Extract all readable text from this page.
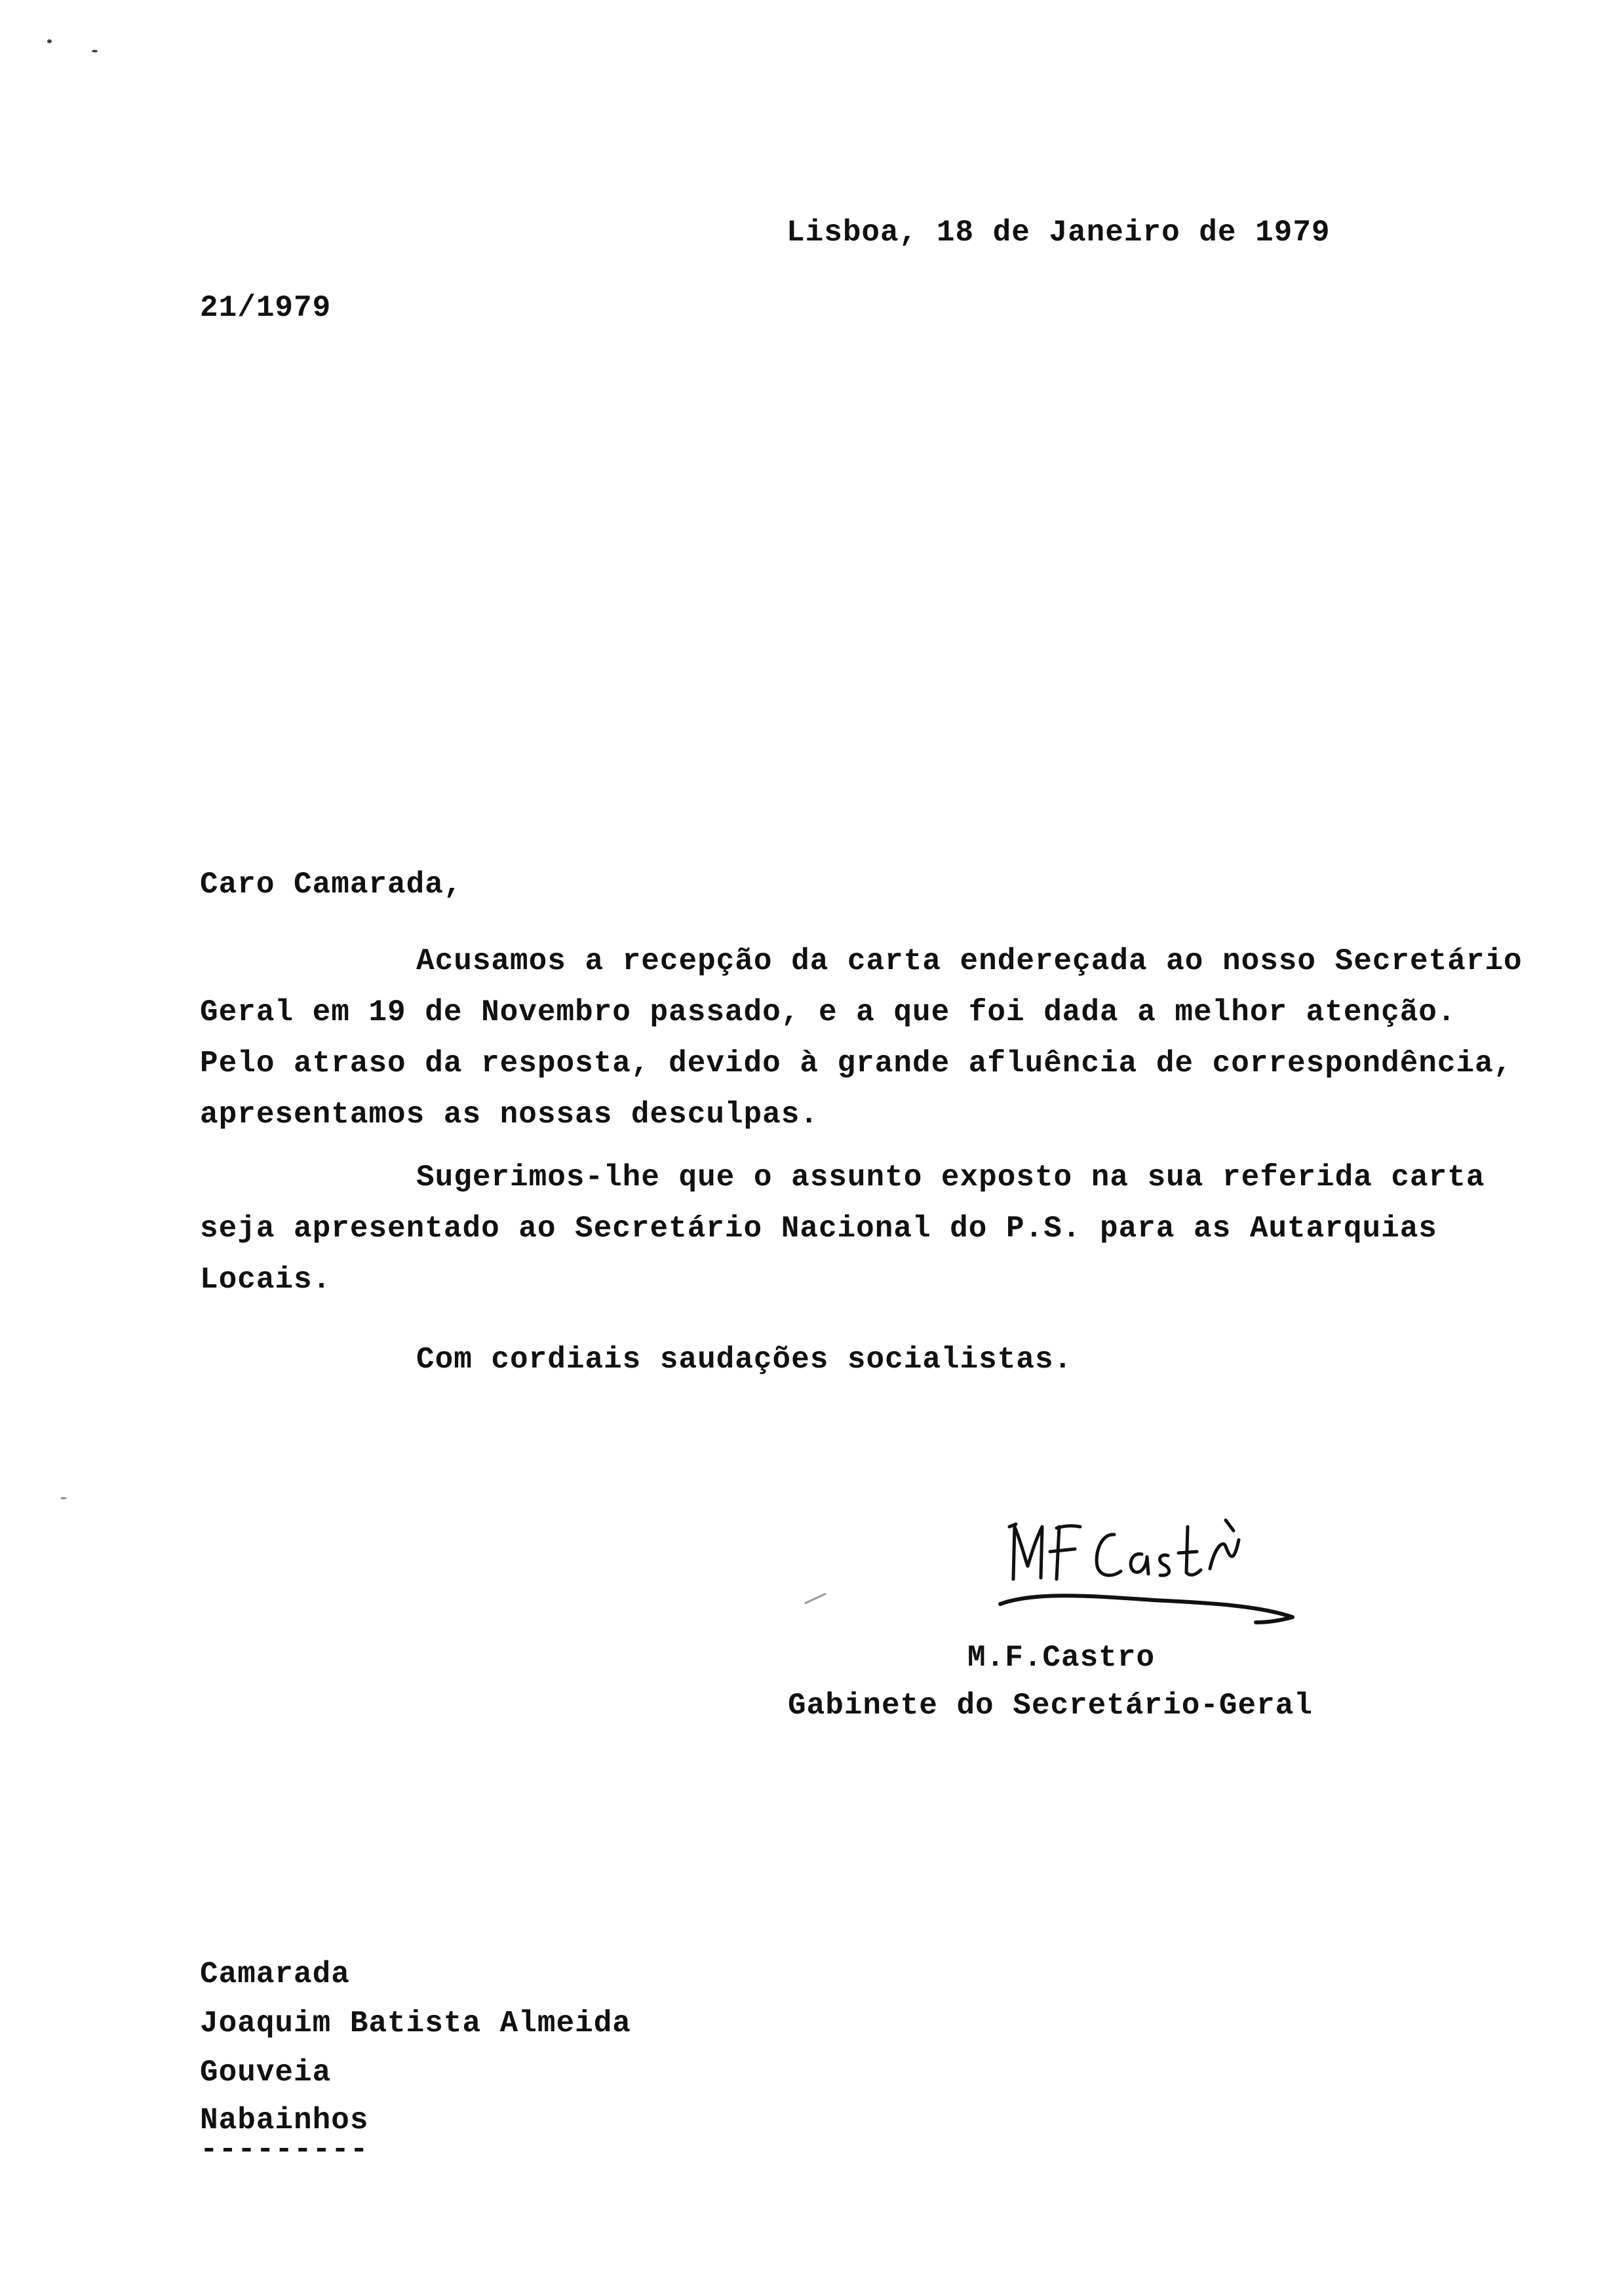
Lisboa, 18 de Janeiro de 1979
21/1979
Caro Camarada,
Acusamos a recepção da carta endereçada ao nosso Secretário
Geral em 19 de Novembro passado, e a que foi dada a melhor atenção.
Pelo atraso da resposta, devido à grande afluência de correspondência,
apresentamos as nossas desculpas.
Sugerimos-lhe que o assunto exposto na sua referida carta
seja apresentado ao Secretário Nacional do P.S. para as Autarquias
Locais.
Com cordiais saudações socialistas.
M.F.Castro
Gabinete do Secretário-Geral
Camarada
Joaquim Batista Almeida
Gouveia
Nabainhos
---------
